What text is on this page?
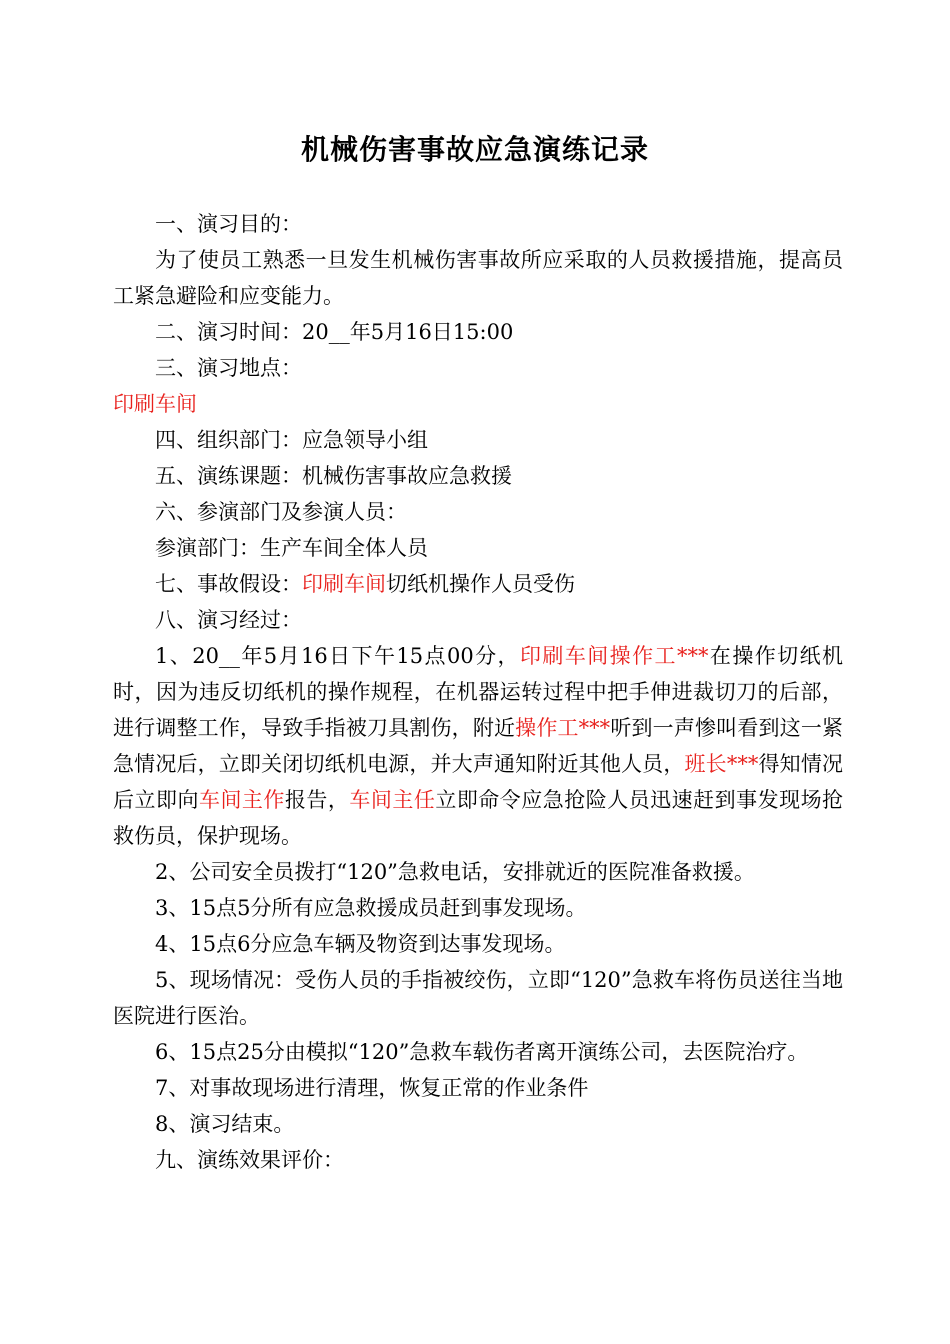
机械伤害事故应急演练记录

一、演习目的：

为了使员工熟悉一旦发生机械伤害事故所应采取的人员救援措施，提高员工紧急避险和应变能力。

二、演习时间：20__年5月16日15:00

三、演习地点：

印刷车间

四、组织部门：应急领导小组

五、演练课题：机械伤害事故应急救援

六、参演部门及参演人员：

参演部门：生产车间全体人员

七、事故假设：印刷车间切纸机操作人员受伤

八、演习经过：

1、20__年5月16日下午15点00分，印刷车间操作工***在操作切纸机时，因为违反切纸机的操作规程，在机器运转过程中把手伸进裁切刀的后部，进行调整工作，导致手指被刀具割伤，附近操作工***听到一声惨叫看到这一紧急情况后，立即关闭切纸机电源，并大声通知附近其他人员，班长***得知情况后立即向车间主作报告，车间主任立即命令应急抢险人员迅速赶到事发现场抢救伤员，保护现场。

2、公司安全员拨打“120”急救电话，安排就近的医院准备救援。

3、15点5分所有应急救援成员赶到事发现场。

4、15点6分应急车辆及物资到达事发现场。

5、现场情况：受伤人员的手指被绞伤，立即“120”急救车将伤员送往当地医院进行医治。

6、15点25分由模拟“120”急救车载伤者离开演练公司，去医院治疗。

7、对事故现场进行清理，恢复正常的作业条件

8、演习结束。

九、演练效果评价：
